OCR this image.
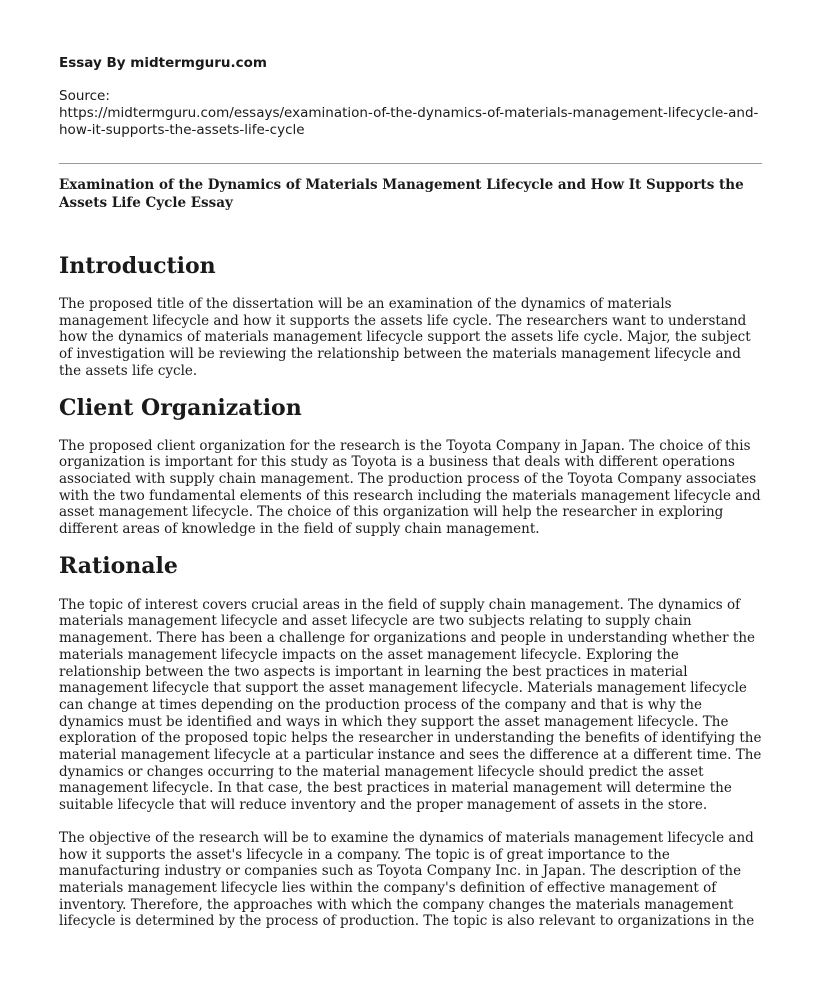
Essay By midtermguru.com
Source:
https://midtermguru.com/essays/examination-of-the-dynamics-of-materials-management-lifecycle-and-how-it-supports-the-assets-life-cycle
Examination of the Dynamics of Materials Management Lifecycle and How It Supports the Assets Life Cycle Essay
Introduction

The proposed title of the dissertation will be an examination of the dynamics of materials management lifecycle and how it supports the assets life cycle. The researchers want to understand how the dynamics of materials management lifecycle support the assets life cycle. Major, the subject of investigation will be reviewing the relationship between the materials management lifecycle and the assets life cycle.

Client Organization

The proposed client organization for the research is the Toyota Company in Japan. The choice of this organization is important for this study as Toyota is a business that deals with different operations associated with supply chain management. The production process of the Toyota Company associates with the two fundamental elements of this research including the materials management lifecycle and asset management lifecycle. The choice of this organization will help the researcher in exploring different areas of knowledge in the field of supply chain management.

Rationale

The topic of interest covers crucial areas in the field of supply chain management. The dynamics of materials management lifecycle and asset lifecycle are two subjects relating to supply chain management. There has been a challenge for organizations and people in understanding whether the materials management lifecycle impacts on the asset management lifecycle. Exploring the relationship between the two aspects is important in learning the best practices in material management lifecycle that support the asset management lifecycle. Materials management lifecycle can change at times depending on the production process of the company and that is why the dynamics must be identified and ways in which they support the asset management lifecycle. The exploration of the proposed topic helps the researcher in understanding the benefits of identifying the material management lifecycle at a particular instance and sees the difference at a different time. The dynamics or changes occurring to the material management lifecycle should predict the asset management lifecycle. In that case, the best practices in material management will determine the suitable lifecycle that will reduce inventory and the proper management of assets in the store.

The objective of the research will be to examine the dynamics of materials management lifecycle and how it supports the asset's lifecycle in a company. The topic is of great importance to the manufacturing industry or companies such as Toyota Company Inc. in Japan. The description of the materials management lifecycle lies within the company's definition of effective management of inventory. Therefore, the approaches with which the company changes the materials management lifecycle is determined by the process of production. The topic is also relevant to organizations in the
